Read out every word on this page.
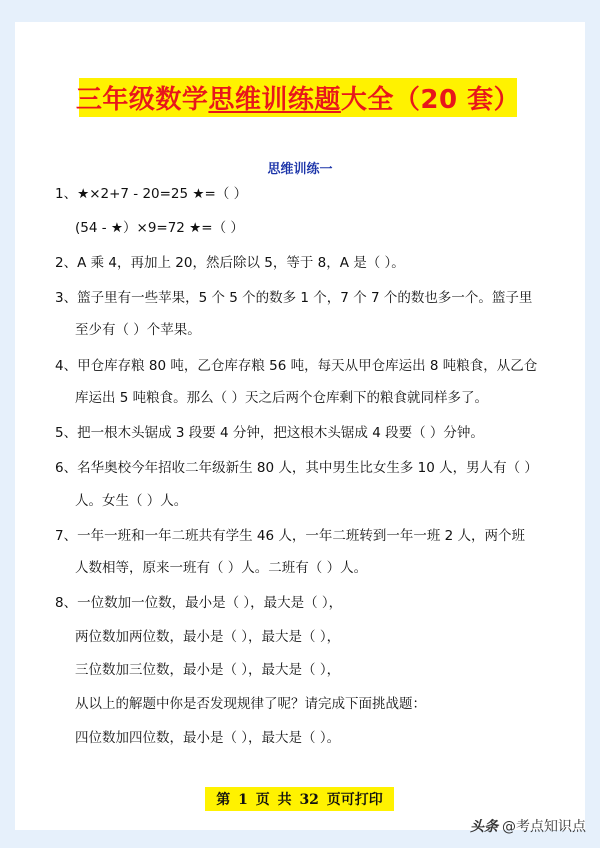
三年级数学思维训练题大全（20 套）
思维训练一
1、★×2+7 - 20=25 ★=（ ）
(54 - ★）×9=72 ★=（ ）
2、A 乘 4，再加上 20，然后除以 5，等于 8，A 是（ ）。
3、篮子里有一些苹果，5 个 5 个的数多 1 个，7 个 7 个的数也多一个。篮子里
至少有（ ）个苹果。
4、甲仓库存粮 80 吨，乙仓库存粮 56 吨，每天从甲仓库运出 8 吨粮食，从乙仓
库运出 5 吨粮食。那么（ ）天之后两个仓库剩下的粮食就同样多了。
5、把一根木头锯成 3 段要 4 分钟，把这根木头锯成 4 段要（ ）分钟。
6、名华奥校今年招收二年级新生 80 人，其中男生比女生多 10 人，男人有（ ）
人。女生（ ）人。
7、一年一班和一年二班共有学生 46 人，一年二班转到一年一班 2 人，两个班
人数相等，原来一班有（ ）人。二班有（ ）人。
8、一位数加一位数，最小是（ ），最大是（ ），
两位数加两位数，最小是（ ），最大是（ ），
三位数加三位数，最小是（ ），最大是（ ），
从以上的解题中你是否发现规律了呢？请完成下面挑战题：
四位数加四位数，最小是（ ），最大是（ ）。
第 1 页 共 32 页可打印
头条 @考点知识点
